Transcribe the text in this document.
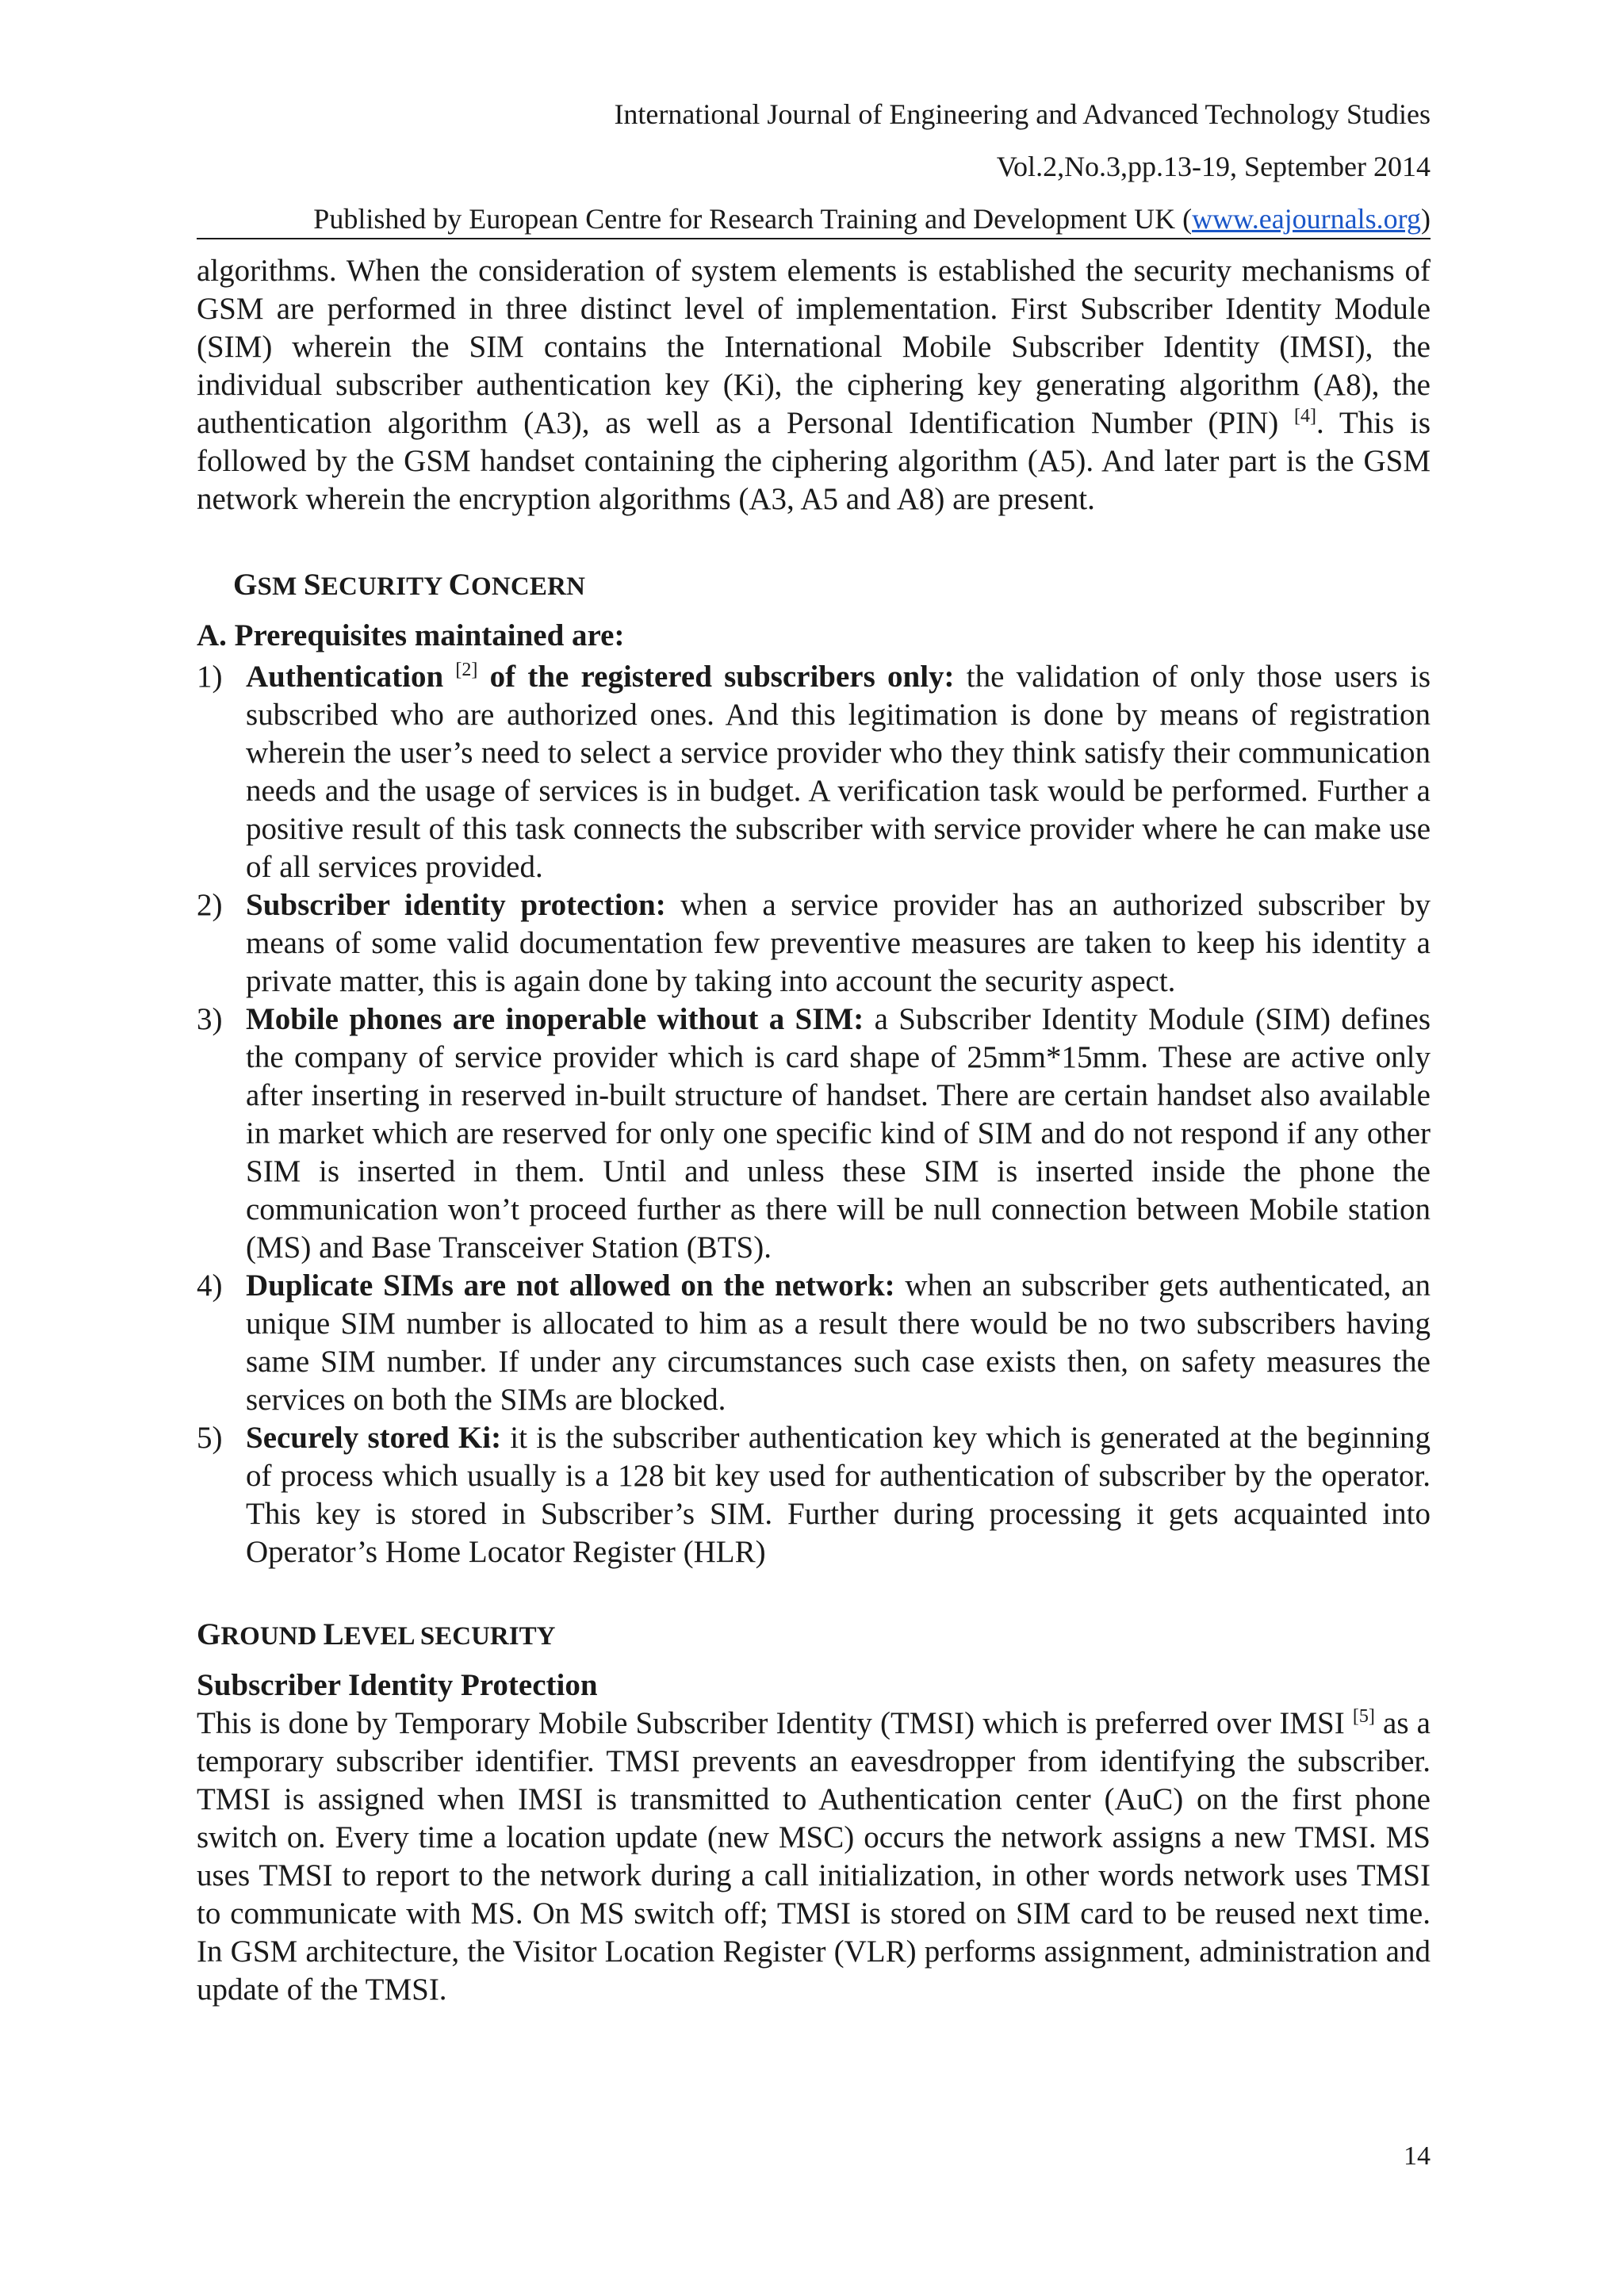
International Journal of Engineering and Advanced Technology Studies
Vol.2,No.3,pp.13-19, September 2014
Published by European Centre for Research Training and Development UK (www.eajournals.org)

algorithms. When the consideration of system elements is established the security mechanisms of GSM are performed in three distinct level of implementation. First Subscriber Identity Module (SIM) wherein the SIM contains the International Mobile Subscriber Identity (IMSI), the individual subscriber authentication key (Ki), the ciphering key generating algorithm (A8), the authentication algorithm (A3), as well as a Personal Identification Number (PIN) [4]. This is followed by the GSM handset containing the ciphering algorithm (A5). And later part is the GSM network wherein the encryption algorithms (A3, A5 and A8) are present.

GSM SECURITY CONCERN
A. Prerequisites maintained are:
1) Authentication [2] of the registered subscribers only: the validation of only those users is subscribed who are authorized ones. And this legitimation is done by means of registration wherein the user’s need to select a service provider who they think satisfy their communication needs and the usage of services is in budget. A verification task would be performed. Further a positive result of this task connects the subscriber with service provider where he can make use of all services provided.
2) Subscriber identity protection: when a service provider has an authorized subscriber by means of some valid documentation few preventive measures are taken to keep his identity a private matter, this is again done by taking into account the security aspect.
3) Mobile phones are inoperable without a SIM: a Subscriber Identity Module (SIM) defines the company of service provider which is card shape of 25mm*15mm. These are active only after inserting in reserved in-built structure of handset. There are certain handset also available in market which are reserved for only one specific kind of SIM and do not respond if any other SIM is inserted in them. Until and unless these SIM is inserted inside the phone the communication won’t proceed further as there will be null connection between Mobile station (MS) and Base Transceiver Station (BTS).
4) Duplicate SIMs are not allowed on the network: when an subscriber gets authenticated, an unique SIM number is allocated to him as a result there would be no two subscribers having same SIM number. If under any circumstances such case exists then, on safety measures the services on both the SIMs are blocked.
5) Securely stored Ki: it is the subscriber authentication key which is generated at the beginning of process which usually is a 128 bit key used for authentication of subscriber by the operator. This key is stored in Subscriber’s SIM. Further during processing it gets acquainted into Operator’s Home Locator Register (HLR)
GROUND LEVEL SECURITY
Subscriber Identity Protection

This is done by Temporary Mobile Subscriber Identity (TMSI) which is preferred over IMSI [5] as a temporary subscriber identifier. TMSI prevents an eavesdropper from identifying the subscriber. TMSI is assigned when IMSI is transmitted to Authentication center (AuC) on the first phone switch on. Every time a location update (new MSC) occurs the network assigns a new TMSI. MS uses TMSI to report to the network during a call initialization, in other words network uses TMSI to communicate with MS. On MS switch off; TMSI is stored on SIM card to be reused next time. In GSM architecture, the Visitor Location Register (VLR) performs assignment, administration and update of the TMSI.

14
